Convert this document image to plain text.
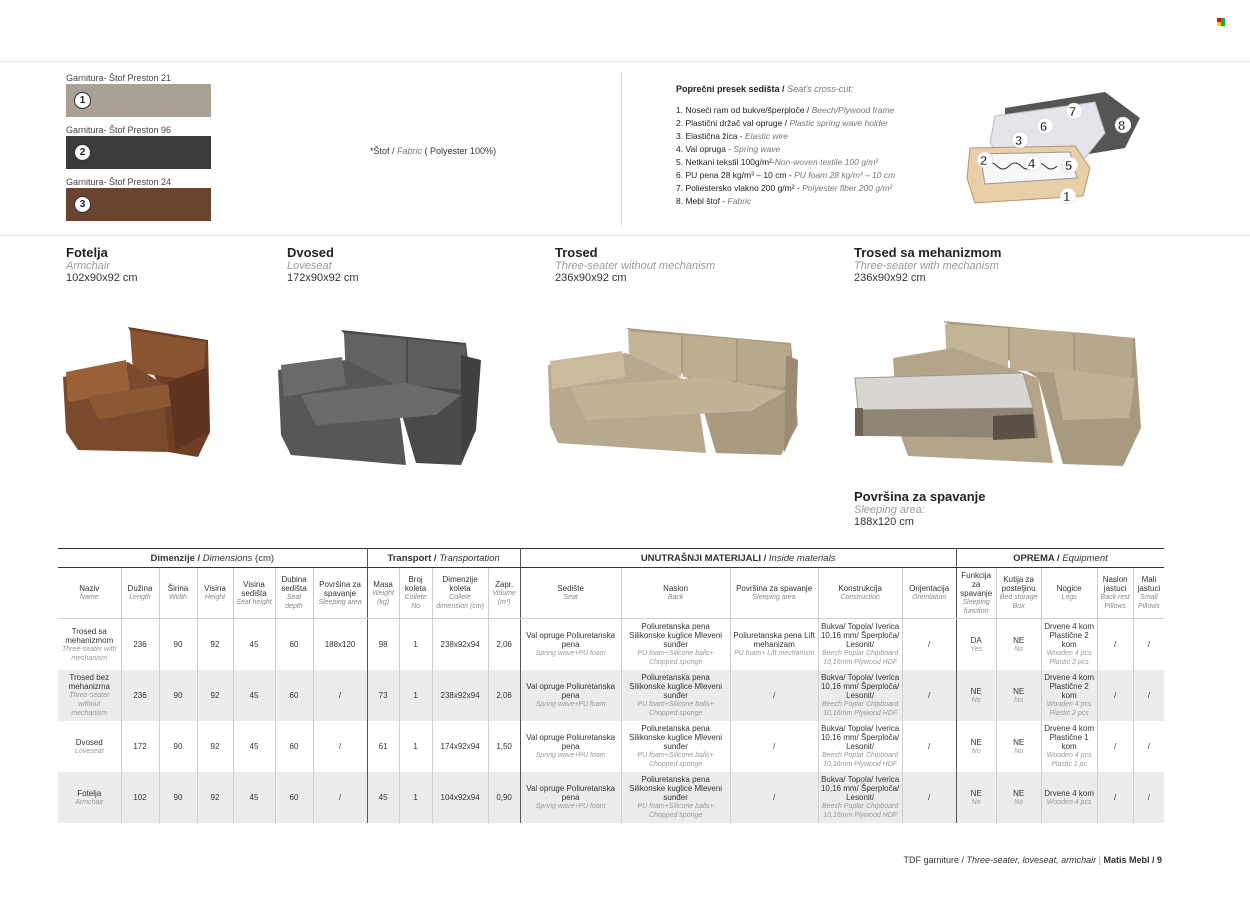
Garnitura- Štof Preston 21
1
Garnitura- Štof Preston 96
2
Garnitura- Štof Preston 24
3
*Štof / Fabric ( Polyester 100%)
Poprečni presek sedišta / Seat's cross-cut:
1. Noseći ram od bukve/šperploče / Beech/Plywood frame
2. Plastični držač val opruge / Plastic spring wave holder
3. Elastična žica - Elastic wire
4. Val opruga - Spring wave
5. Netkani tekstil 100g/m²-Non-woven textile 100 g/m²
6. PU pena 28 kg/m³ – 10 cm - PU foam 28 kg/m³ – 10 cm
7. Poliestersko vlakno 200 g/m² - Polyester fiber 200 g/m²
8. Mebl štof - Fabric	1
2
3
4 5
6
7
8
Fotelja
Armchair
102x90x92 cm
Dvosed
Loveseat
172x90x92 cm
Trosed
Three-seater without mechanism
236x90x92 cm
Trosed sa mehanizmom
Three-seater with mechanism
236x90x92 cm
Površina za spavanje
Sleeping area:
188x120 cm
Dimenzije / Dimensions (cm)							Transport / Transportation				UNUTRAŠNJI MATERIJALI / Inside materials					OPREMA / Equipment				
Naziv
Name	Dužina
Length	Širina
Width	Visina
Height	Visina sedišta
Seat height	Dubina sedišta
Seat depth	Površina za spavanje
Sleeping area	Masa
Weight (kg)	Broj koleta
Collete No	Dimenzije koleta
Collete dimension (cm)	Zapr.
Volume (m³)	Sedište
Seat	Naslon
Back	Površina za spavanje
Sleeping area	Konstrukcija
Construction	Orijentacija
Orientation	Funkcija za spavanje
Sleeping function	Kutija za posteljinu
Bed storage Box	Nogice
Legs	Naslon jastuci
Back rest Pillows	Mali jastuci
Small Pillows

Trosed sa mehanizmom
Three-seater with mechanism	236	90	92	45	60	188x120	98	1	238x92x94	2,06	Val opruge Poliuretanska pena
Spring wave+PU foam	Poliuretanska pena Silikonske kuglice Mleveni sunđer
PU foam+Silicone balls+ Chopped sponge	Poliuretanska pena Lift mehanizam
PU foam+ Lift mechanism	Bukva/ Topola/ Iverica 10,16 mm/ Šperploča/ Lesonit/
Beech Poplar Chipboard 10,16mm Plywood HDF	/	DA
Yes	NE
No	Drvene 4 kom Plastične 2 kom
Wooden 4 pcs Plastic 2 pcs	/	/
Trosed bez mehanizma
Three-seater without mechanism	236	90	92	45	60	/	73	1	238x92x94	2,06	Val opruge Poliuretanska pena
Spring wave+PU foam	Poliuretanska pena Silikonske kuglice Mleveni sunđer
PU foam+Silicone balls+ Chopped sponge	/	Bukva/ Topola/ Iverica 10,16 mm/ Šperploča/ Lesonit/
Beech Poplar Chipboard 10,16mm Plywood HDF	/	NE
No	NE
No	Drvene 4 kom Plastične 2 kom
Wooden 4 pcs Plastic 2 pcs	/	/
Dvosed
Loveseat	172	90	92	45	60	/	61	1	174x92x94	1,50	Val opruge Poliuretanska pena
Spring wave+PU foam	Poliuretanska pena Silikonske kuglice Mleveni sunđer
PU foam+Silicone balls+ Chopped sponge	/	Bukva/ Topola/ Iverica 10,16 mm/ Šperploča/ Lesonit/
Beech Poplar Chipboard 10,16mm Plywood HDF	/	NE
No	NE
No	Drvene 4 kom Plastične 1 kom
Wooden 4 pcs Plastic 1 pc	/	/
Fotelja
Armchair	102	90	92	45	60	/	45	1	104x92x94	0,90	Val opruge Poliuretanska pena
Spring wave+PU foam	Poliuretanska pena Silikonske kuglice Mleveni sunđer
PU foam+Silicone balls+ Chopped sponge	/	Bukva/ Topola/ Iverica 10,16 mm/ Šperploča/ Lesonit/
Beech Poplar Chipboard 10,16mm Plywood HDF	/	NE
No	NE
No	Drvene 4 kom
Wooden 4 pcs	/	/
TDF garniture / Three-seater, loveseat, armchair | Matis Mebl / 9
